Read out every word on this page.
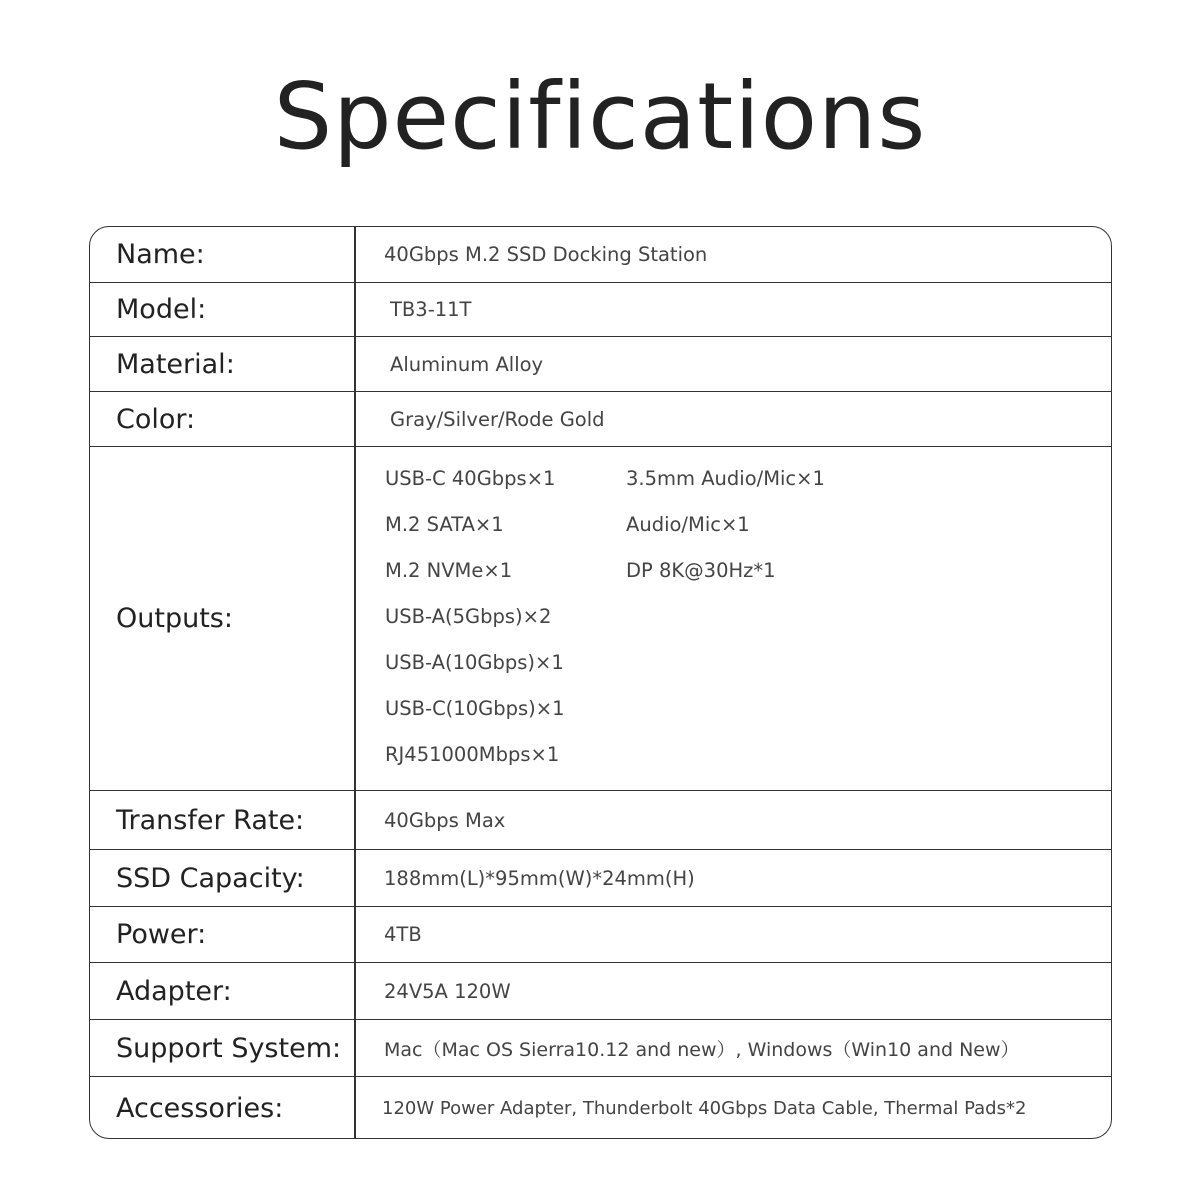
Specifications
Name:	40Gbps M.2 SSD Docking Station
Model:	TB3-11T
Material:	Aluminum Alloy
Color:	Gray/Silver/Rode Gold
Outputs:
USB-C 40Gbps×1
M.2 SATA×1
M.2 NVMe×1
USB-A(5Gbps)×2
USB-A(10Gbps)×1
USB-C(10Gbps)×1
RJ451000Mbps×1
3.5mm Audio/Mic×1
Audio/Mic×1
DP 8K@30Hz*1
Transfer Rate:	40Gbps Max
SSD Capacity:	188mm(L)*95mm(W)*24mm(H)
Power:	4TB
Adapter:	24V5A 120W
Support System: Mac（Mac OS Sierra10.12 and new）, Windows（Win10 and New）
Accessories:	120W Power Adapter, Thunderbolt 40Gbps Data Cable, Thermal Pads*2
